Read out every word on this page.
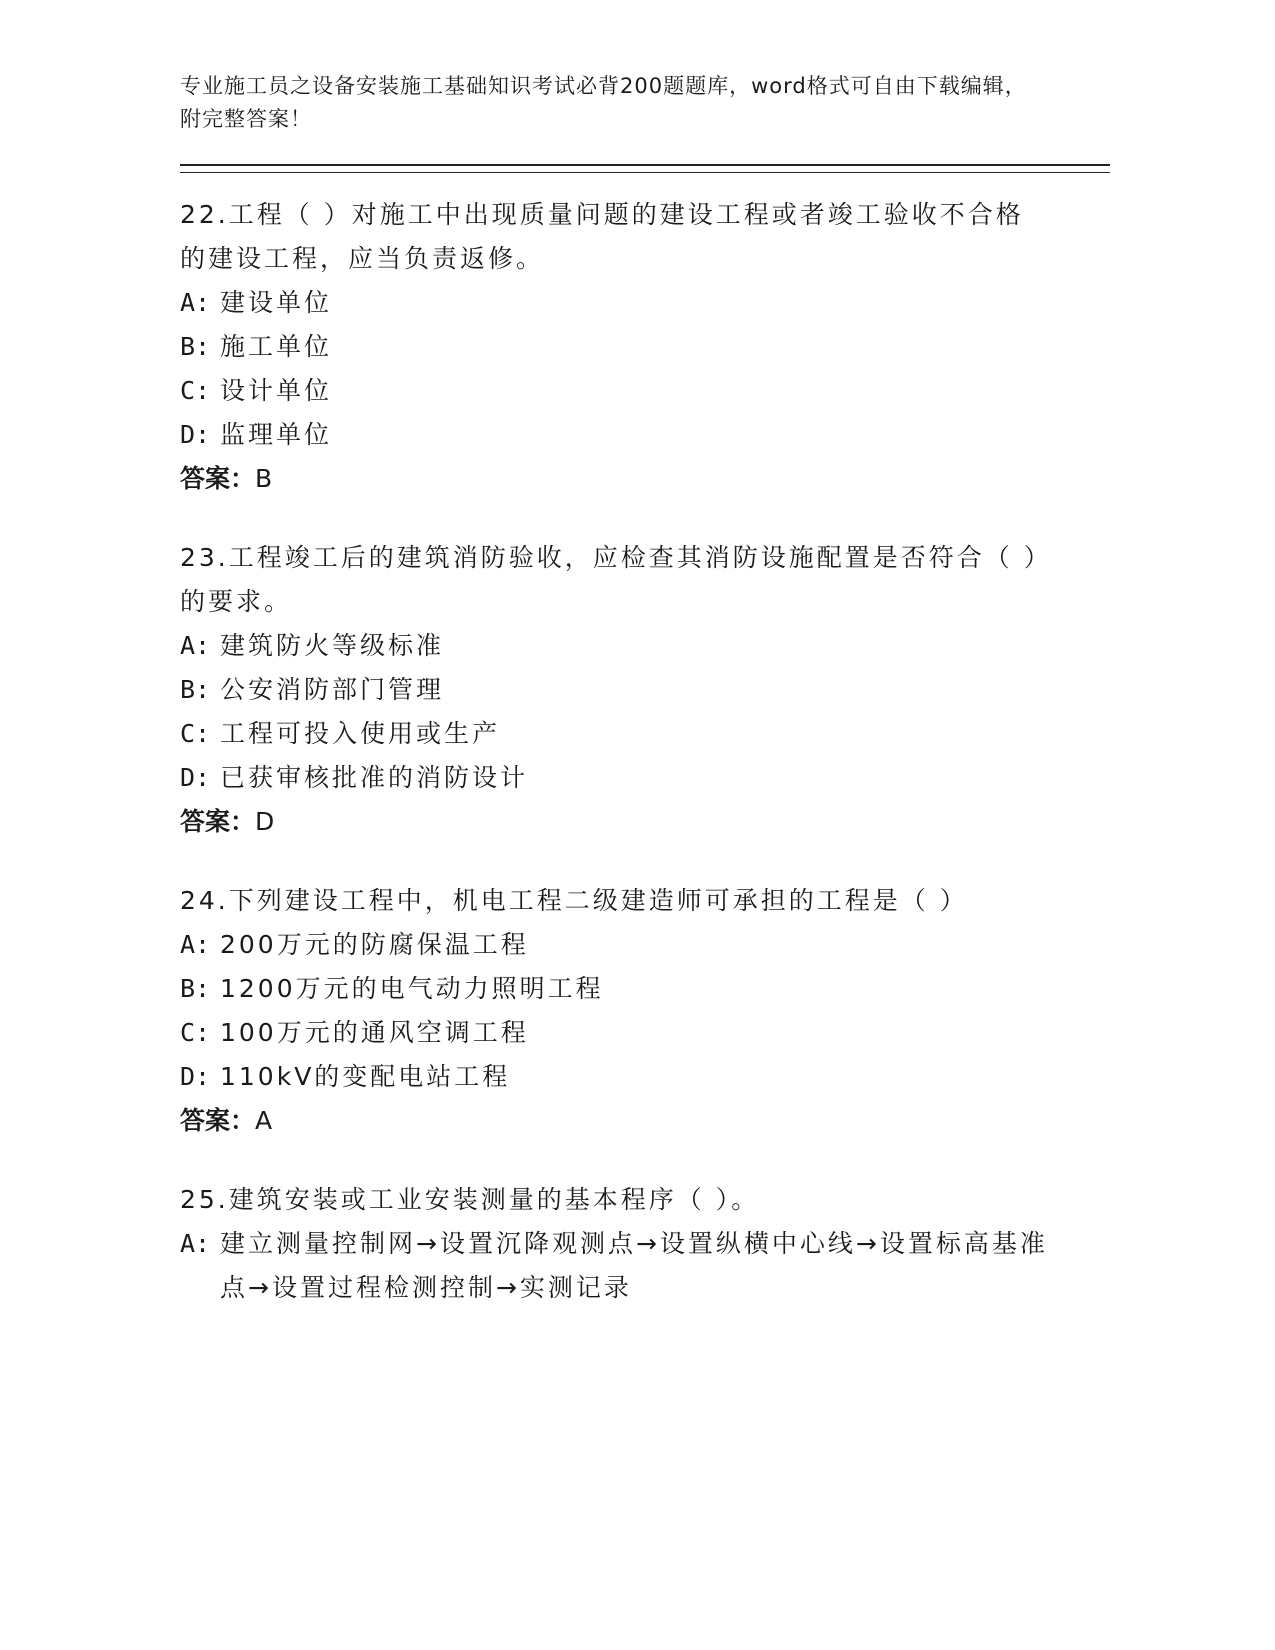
专业施工员之设备安装施工基础知识考试必背200题题库，word格式可自由下载编辑，附完整答案！

22.工程（ ）对施工中出现质量问题的建设工程或者竣工验收不合格的建设工程，应当负责返修。

A: 建设单位
B: 施工单位
C: 设计单位
D: 监理单位

答案：B

23.工程竣工后的建筑消防验收，应检查其消防设施配置是否符合（ ）的要求。

A: 建筑防火等级标准
B: 公安消防部门管理
C: 工程可投入使用或生产
D: 已获审核批准的消防设计

答案：D

24.下列建设工程中，机电工程二级建造师可承担的工程是（ ）

A: 200万元的防腐保温工程
B: 1200万元的电气动力照明工程
C: 100万元的通风空调工程
D: 110kV的变配电站工程

答案：A

25.建筑安装或工业安装测量的基本程序（ ）。

A: 建立测量控制网→设置沉降观测点→设置纵横中心线→设置标高基准点→设置过程检测控制→实测记录
